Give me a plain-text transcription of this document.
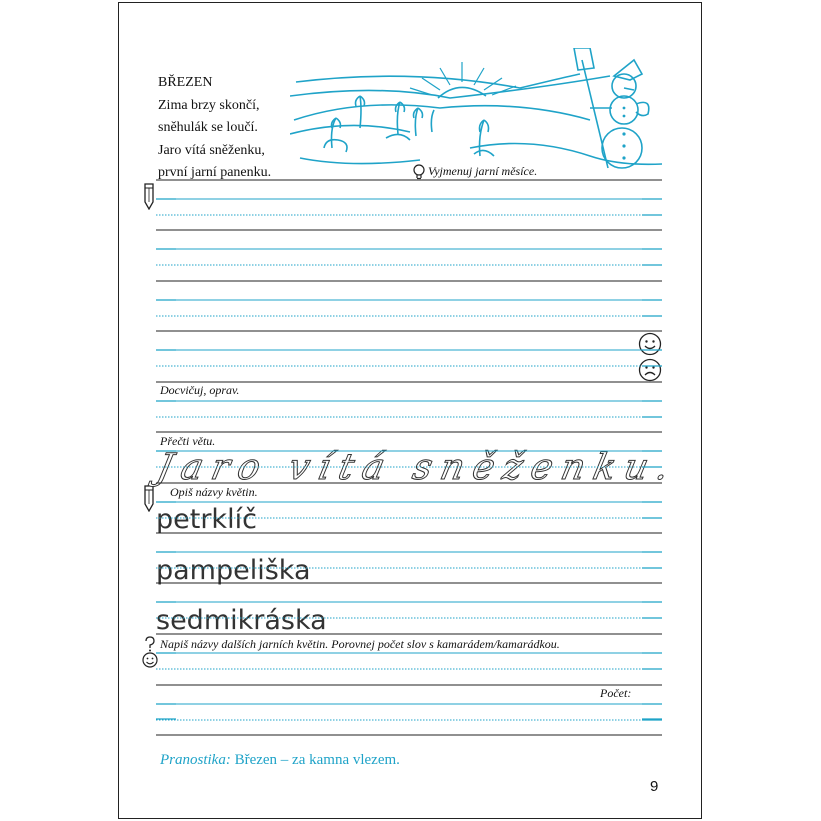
BŘEZEN
Zima brzy skončí,
sněhulák se loučí.
Jaro vítá sněženku,
první jarní panenku.	Vyjmenuj jarní měsíce.
Docvičuj, oprav.
Přečti větu.
Opiš názvy květin.
Napiš názvy dalších jarních květin. Porovnej počet slov s kamarádem/kamarádkou.
Počet:
Jaro vítá sněženku.
petrklíč
pampeliška
sedmikráska
Pranostika: Březen – za kamna vlezem.
9
